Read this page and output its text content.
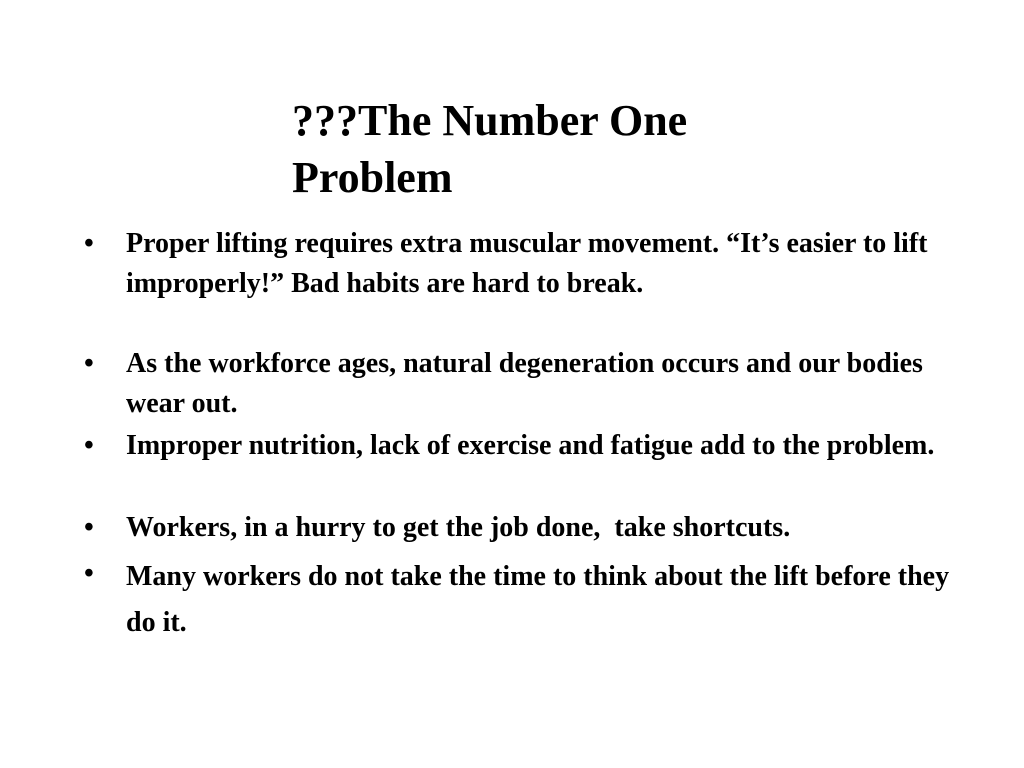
???The Number One Problem
•	Proper lifting requires extra muscular movement. “It’s easier to lift improperly!” Bad habits are hard to break.
•	As the workforce ages, natural degeneration occurs and our bodies wear out.
•	Improper nutrition, lack of exercise and fatigue add to the problem.
•	Workers, in a hurry to get the job done,  take shortcuts.
•	Many workers do not take the time to think about the lift before they do it.
